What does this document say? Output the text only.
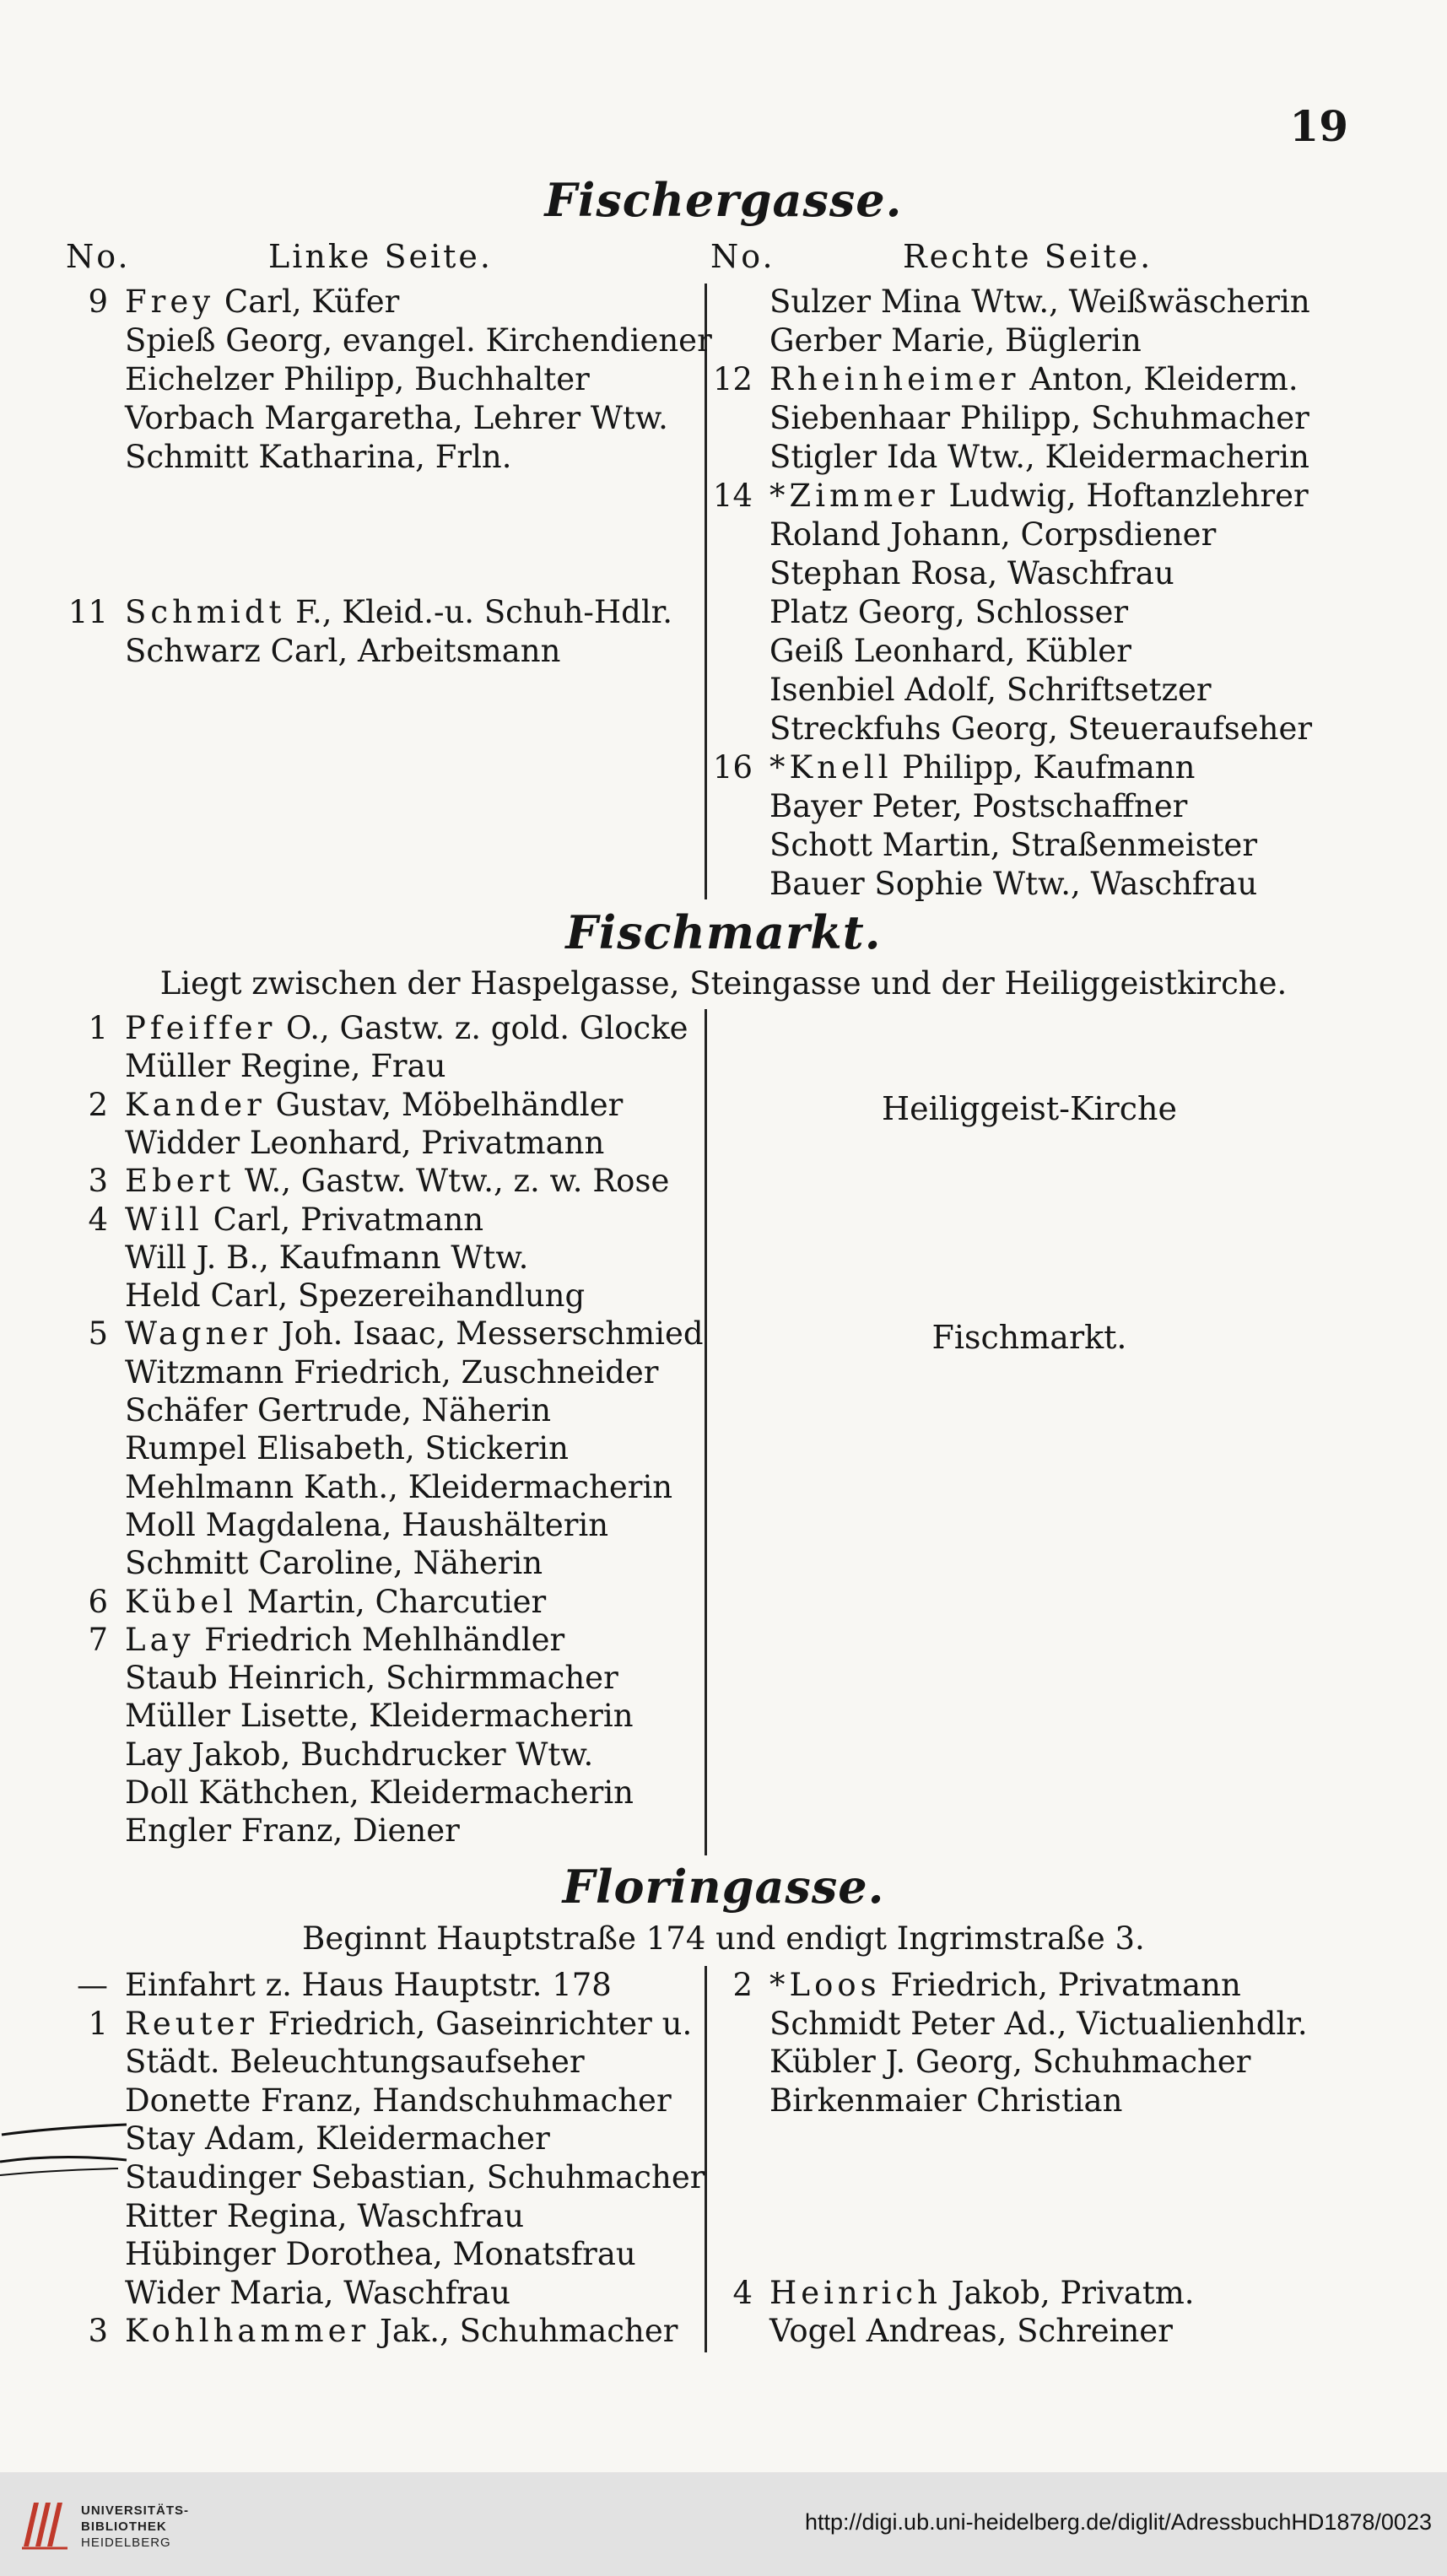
19
Fischergasse.
No.	Linke Seite.	No.	Rechte Seite.
9 Frey Carl, Küfer
Spieß Georg, evangel. Kirchendiener
Eichelzer Philipp, Buchhalter
Vorbach Margaretha, Lehrer Wtw.
Schmitt Katharina, Frln.
11 Schmidt F., Kleid.-u. Schuh-Hdlr.
Schwarz Carl, Arbeitsmann
Sulzer Mina Wtw., Weißwäscherin
Gerber Marie, Büglerin
12 Rheinheimer Anton, Kleiderm.
Siebenhaar Philipp, Schuhmacher
Stigler Ida Wtw., Kleidermacherin
14 *Zimmer Ludwig, Hoftanzlehrer
Roland Johann, Corpsdiener
Stephan Rosa, Waschfrau
Platz Georg, Schlosser
Geiß Leonhard, Kübler
Isenbiel Adolf, Schriftsetzer
Streckfuhs Georg, Steueraufseher
16 *Knell Philipp, Kaufmann
Bayer Peter, Postschaffner
Schott Martin, Straßenmeister
Bauer Sophie Wtw., Waschfrau
Fischmarkt.
Liegt zwischen der Haspelgasse, Steingasse und der Heiliggeistkirche.
Heiliggeist-Kirche
Fischmarkt.
1 Pfeiffer O., Gastw. z. gold. Glocke
Müller Regine, Frau
2 Kander Gustav, Möbelhändler
Widder Leonhard, Privatmann
3 Ebert W., Gastw. Wtw., z. w. Rose
4 Will Carl, Privatmann
Will J. B., Kaufmann Wtw.
Held Carl, Spezereihandlung
5 Wagner Joh. Isaac, Messerschmied
Witzmann Friedrich, Zuschneider
Schäfer Gertrude, Näherin
Rumpel Elisabeth, Stickerin
Mehlmann Kath., Kleidermacherin
Moll Magdalena, Haushälterin
Schmitt Caroline, Näherin
6 Kübel Martin, Charcutier
7 Lay Friedrich Mehlhändler
Staub Heinrich, Schirmmacher
Müller Lisette, Kleidermacherin
Lay Jakob, Buchdrucker Wtw.
Doll Käthchen, Kleidermacherin
Engler Franz, Diener
Floringasse.
Beginnt Hauptstraße 174 und endigt Ingrimstraße 3.
— Einfahrt z. Haus Hauptstr. 178
1 Reuter Friedrich, Gaseinrichter u.
Städt. Beleuchtungsaufseher
Donette Franz, Handschuhmacher
Stay Adam, Kleidermacher
Staudinger Sebastian, Schuhmacher
Ritter Regina, Waschfrau
Hübinger Dorothea, Monatsfrau
Wider Maria, Waschfrau
3 Kohlhammer Jak., Schuhmacher
2 *Loos Friedrich, Privatmann
Schmidt Peter Ad., Victualienhdlr.
Kübler J. Georg, Schuhmacher
Birkenmaier Christian
4 Heinrich Jakob, Privatm.
Vogel Andreas, Schreiner
UNIVERSITÄTS-
BIBLIOTHEK
HEIDELBERG
http://digi.ub.uni-heidelberg.de/diglit/AdressbuchHD1878/0023
